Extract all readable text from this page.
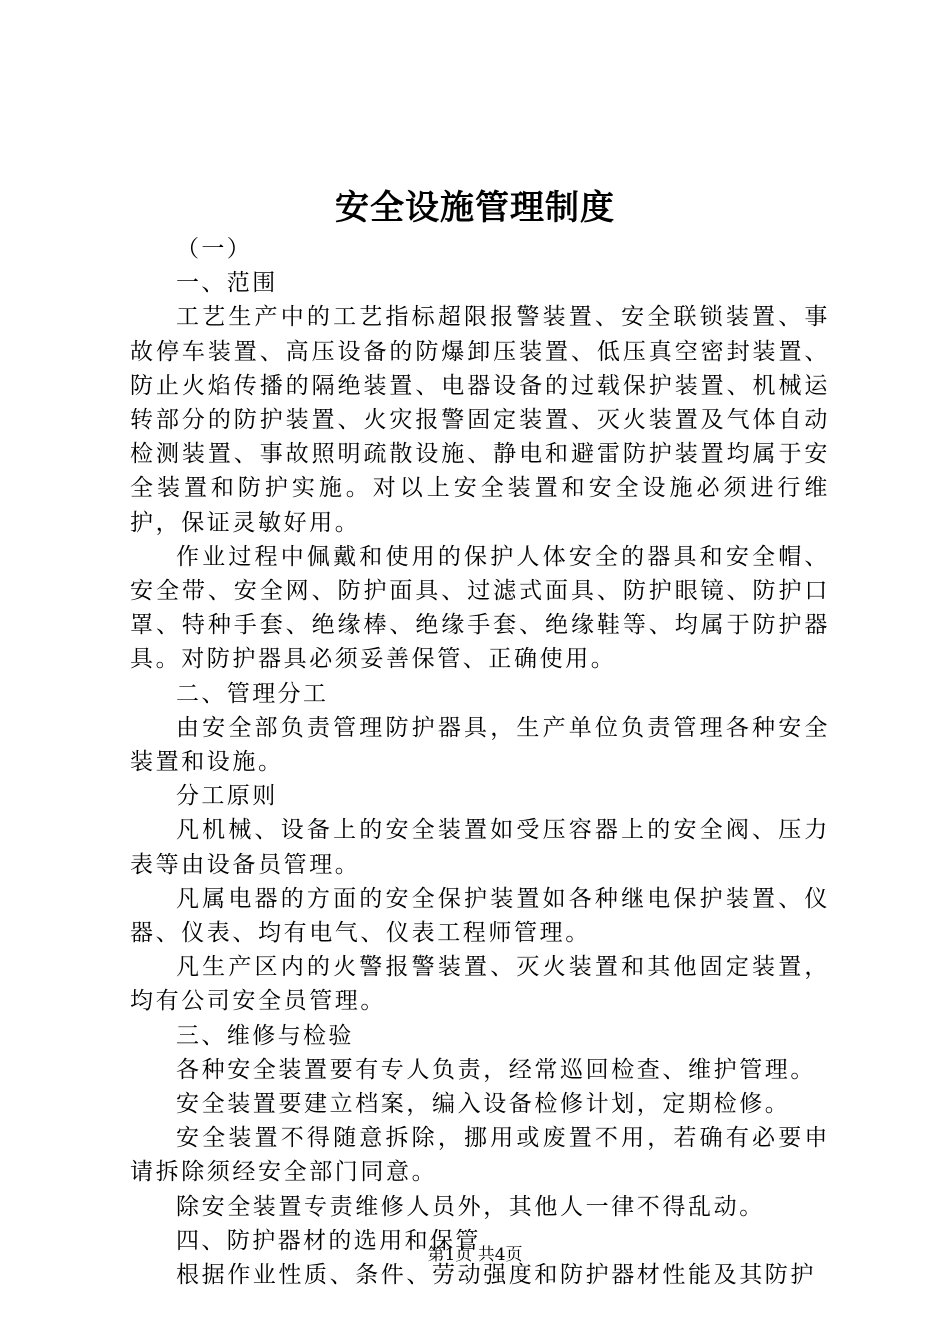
安全设施管理制度

（一）

一、范围

工艺生产中的工艺指标超限报警装置、安全联锁装置、事故停车装置、高压设备的防爆卸压装置、低压真空密封装置、防止火焰传播的隔绝装置、电器设备的过载保护装置、机械运转部分的防护装置、火灾报警固定装置、灭火装置及气体自动检测装置、事故照明疏散设施、静电和避雷防护装置均属于安全装置和防护实施。对以上安全装置和安全设施必须进行维护，保证灵敏好用。

作业过程中佩戴和使用的保护人体安全的器具和安全帽、安全带、安全网、防护面具、过滤式面具、防护眼镜、防护口罩、特种手套、绝缘棒、绝缘手套、绝缘鞋等、均属于防护器具。对防护器具必须妥善保管、正确使用。

二、管理分工

由安全部负责管理防护器具，生产单位负责管理各种安全装置和设施。

分工原则

凡机械、设备上的安全装置如受压容器上的安全阀、压力表等由设备员管理。

凡属电器的方面的安全保护装置如各种继电保护装置、仪器、仪表、均有电气、仪表工程师管理。

凡生产区内的火警报警装置、灭火装置和其他固定装置，均有公司安全员管理。

三、维修与检验

各种安全装置要有专人负责，经常巡回检查、维护管理。

安全装置要建立档案，编入设备检修计划，定期检修。

安全装置不得随意拆除，挪用或废置不用，若确有必要申请拆除须经安全部门同意。

除安全装置专责维修人员外，其他人一律不得乱动。

四、防护器材的选用和保管

根据作业性质、条件、劳动强度和防护器材性能及其防护

第1页 共4页
